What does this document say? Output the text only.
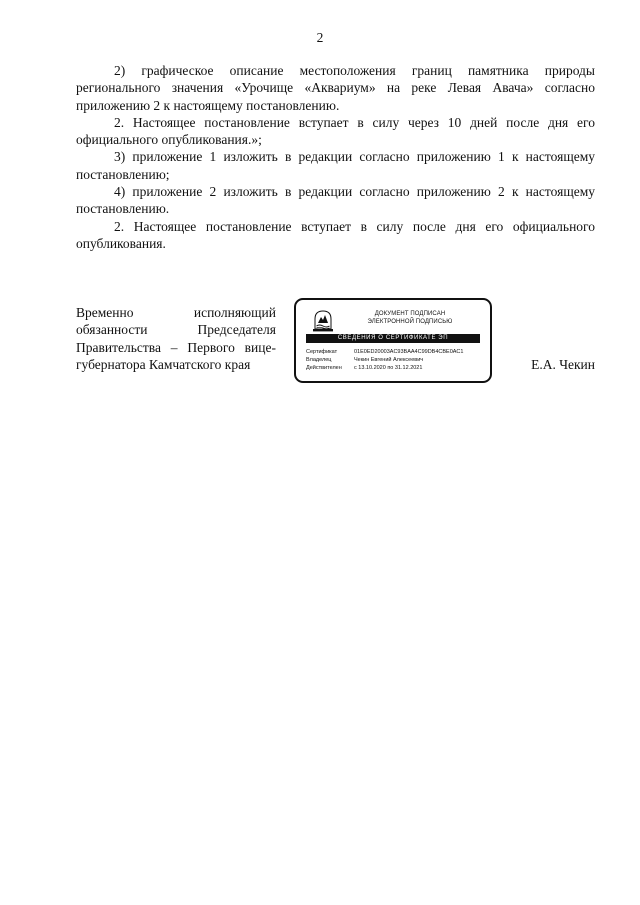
2

2) графическое описание местоположения границ памятника природы регионального значения «Урочище «Аквариум» на реке Левая Авача» согласно приложению 2 к настоящему постановлению.

2. Настоящее постановление вступает в силу через 10 дней после дня его официального опубликования.»;

3) приложение 1 изложить в редакции согласно приложению 1 к настоящему постановлению;

4) приложение 2 изложить в редакции согласно приложению 2 к настоящему постановлению.

2. Настоящее постановление вступает в силу после дня его официального опубликования.

Временно исполняющий
обязанности Председателя
Правительства – Первого вице-
губернатора Камчатского края
ДОКУМЕНТ ПОДПИСАН
ЭЛЕКТРОННОЙ ПОДПИСЬЮ
СВЕДЕНИЯ О СЕРТИФИКАТЕ ЭП
Сертификат	01E0ED20003AC93BAA4C99DB4CBE0AC1
Владелец	Чекин Евгений Алексеевич
Действителен	с 13.10.2020 по 31.12.2021	Е.А. Чекин
